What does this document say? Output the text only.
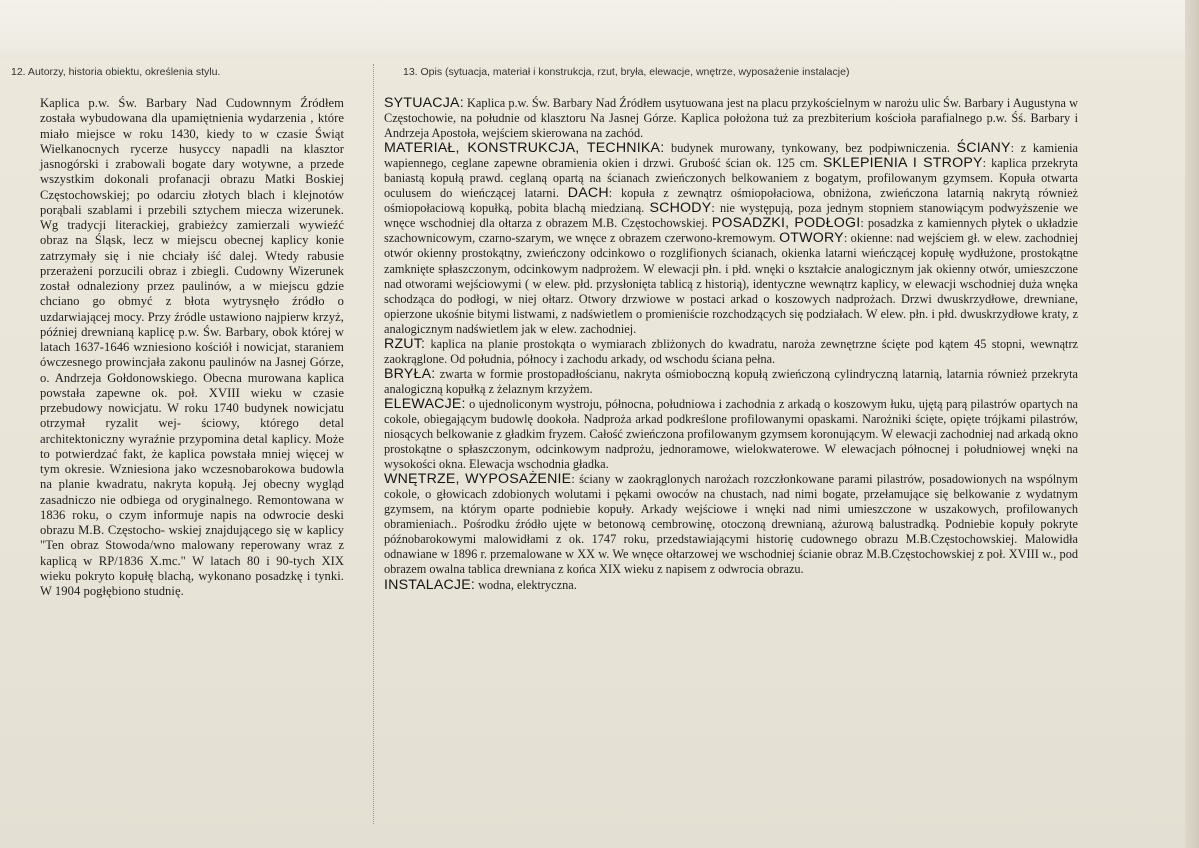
12. Autorzy, historia obiektu, określenia stylu.	13. Opis (sytuacja, materiał i konstrukcja, rzut, bryła, elewacje, wnętrze, wyposażenie instalacje)

Kaplica p.w. Św. Barbary Nad Cudownnym Źródłem została wybudowana dla upamiętnienia wydarzenia , które miało miejsce w roku 1430, kiedy to w czasie Świąt Wielkanocnych rycerze husyccy napadli na klasztor jasnogórski i zrabowali bogate dary wotywne, a przede wszystkim dokonali profanacji obrazu Matki Boskiej Częstochowskiej; po odarciu złotych blach i klejnotów porąbali szablami i przebili sztychem miecza wizerunek. Wg tradycji literackiej, grabieżcy zamierzali wywieźć obraz na Śląsk, lecz w miejscu obecnej kaplicy konie zatrzymały się i nie chciały iść dalej. Wtedy rabusie przerażeni porzucili obraz i zbiegli. Cudowny Wizerunek został odnaleziony przez paulinów, a w miejscu gdzie chciano go obmyć z błota wytrysnęło źródło o uzdarwiającej mocy. Przy źródle ustawiono najpierw krzyż, później drewnianą kaplicę p.w. Św. Barbary, obok której w latach 1637-1646 wzniesiono kościół i nowicjat, staraniem ówczesnego prowincjała zakonu paulinów na Jasnej Górze, o. Andrzeja Gołdonowskiego. Obecna murowana kaplica powstała zapewne ok. poł. XVIII wieku w czasie przebudowy nowicjatu. W roku 1740 budynek nowicjatu otrzymał ryzalit wej- ściowy, którego detal architektoniczny wyraźnie przypomina detal kaplicy. Może to potwierdzać fakt, że kaplica powstała mniej więcej w tym okresie. Wzniesiona jako wczesnobarokowa budowla na planie kwadratu, nakryta kopułą. Jej obecny wygląd zasadniczo nie odbiega od oryginalnego. Remontowana w 1836 roku, o czym informuje napis na odwrocie deski obrazu M.B. Częstocho- wskiej znajdującego się w kaplicy "Ten obraz Stowoda/wno malowany reperowany wraz z kaplicą w RP/1836 X.mc." W latach 80 i 90-tych XIX wieku pokryto kopułę blachą, wykonano posadzkę i tynki. W 1904 pogłębiono studnię.

SYTUACJA: Kaplica p.w. Św. Barbary Nad Źródłem usytuowana jest na placu przykościelnym w narożu ulic Św. Barbary i Augustyna w Częstochowie, na południe od klasztoru Na Jasnej Górze. Kaplica położona tuż za prezbiterium kościoła parafialnego p.w. Śś. Barbary i Andrzeja Apostoła, wejściem skierowana na zachód.

MATERIAŁ, KONSTRUKCJA, TECHNIKA: budynek murowany, tynkowany, bez podpiwniczenia. ŚCIANY: z kamienia wapiennego, ceglane zapewne obramienia okien i drzwi. Grubość ścian ok. 125 cm. SKLEPIENIA I STROPY: kaplica przekryta baniastą kopułą prawd. ceglaną opartą na ścianach zwieńczonych belkowaniem z bogatym, profilowanym gzymsem. Kopuła otwarta oculusem do wieńczącej latarni. DACH: kopuła z zewnątrz ośmiopołaciowa, obniżona, zwieńczona latarnią nakrytą również ośmiopołaciową kopułką, pobita blachą miedzianą. SCHODY: nie występują, poza jednym stopniem stanowiącym podwyższenie we wnęce wschodniej dla ołtarza z obrazem M.B. Częstochowskiej. POSADZKI, PODŁOGI: posadzka z kamiennych płytek o układzie szachownicowym, czarno-szarym, we wnęce z obrazem czerwono-kremowym. OTWORY: okienne: nad wejściem gł. w elew. zachodniej otwór okienny prostokątny, zwieńczony odcinkowo o rozglifionych ścianach, okienka latarni wieńczącej kopułę wydłużone, prostokątne zamknięte spłaszczonym, odcinkowym nadprożem. W elewacji płn. i płd. wnęki o kształcie analogicznym jak okienny otwór, umieszczone nad otworami wejściowymi ( w elew. płd. przysłonięta tablicą z historią), identyczne wewnątrz kaplicy, w elewacji wschodniej duża wnęka schodząca do podłogi, w niej ołtarz. Otwory drzwiowe w postaci arkad o koszowych nadprożach. Drzwi dwuskrzydłowe, drewniane, opierzone ukośnie bitymi listwami, z nadświetlem o promieniście rozchodzących się podziałach. W elew. płn. i płd. dwuskrzydłowe kraty, z analogicznym nadświetlem jak w elew. zachodniej.

RZUT: kaplica na planie prostokąta o wymiarach zbliżonych do kwadratu, naroża zewnętrzne ścięte pod kątem 45 stopni, wewnątrz zaokrąglone. Od południa, północy i zachodu arkady, od wschodu ściana pełna.

BRYŁA: zwarta w formie prostopadłościanu, nakryta ośmioboczną kopułą zwieńczoną cylindryczną latarnią, latarnia również przekryta analogiczną kopułką z żelaznym krzyżem.

ELEWACJE: o ujednoliconym wystroju, północna, południowa i zachodnia z arkadą o koszowym łuku, ujętą parą pilastrów opartych na cokole, obiegającym budowlę dookoła. Nadproża arkad podkreślone profilowanymi opaskami. Narożniki ścięte, opięte trójkami pilastrów, niosących belkowanie z gładkim fryzem. Całość zwieńczona profilowanym gzymsem koronującym. W elewacji zachodniej nad arkadą okno prostokątne o spłaszczonym, odcinkowym nadprożu, jednoramowe, wielokwaterowe. W elewacjach północnej i południowej wnęki na wysokości okna. Elewacja wschodnia gładka.

WNĘTRZE, WYPOSAŻENIE: ściany w zaokrąglonych narożach rozczłonkowane parami pilastrów, posadowionych na wspólnym cokole, o głowicach zdobionych wolutami i pękami owoców na chustach, nad nimi bogate, przełamujące się belkowanie z wydatnym gzymsem, na którym oparte podniebie kopuły. Arkady wejściowe i wnęki nad nimi umieszczone w uszakowych, profilowanych obramieniach.. Pośrodku źródło ujęte w betonową cembrowinę, otoczoną drewnianą, ażurową balustradką. Podniebie kopuły pokryte późnobarokowymi malowidłami z ok. 1747 roku, przedstawiającymi historię cudownego obrazu M.B.Częstochowskiej. Malowidła odnawiane w 1896 r. przemalowane w XX w. We wnęce ołtarzowej we wschodniej ścianie obraz M.B.Częstochowskiej z poł. XVIII w., pod obrazem owalna tablica drewniana z końca XIX wieku z napisem z odwrocia obrazu.

INSTALACJE: wodna, elektryczna.
